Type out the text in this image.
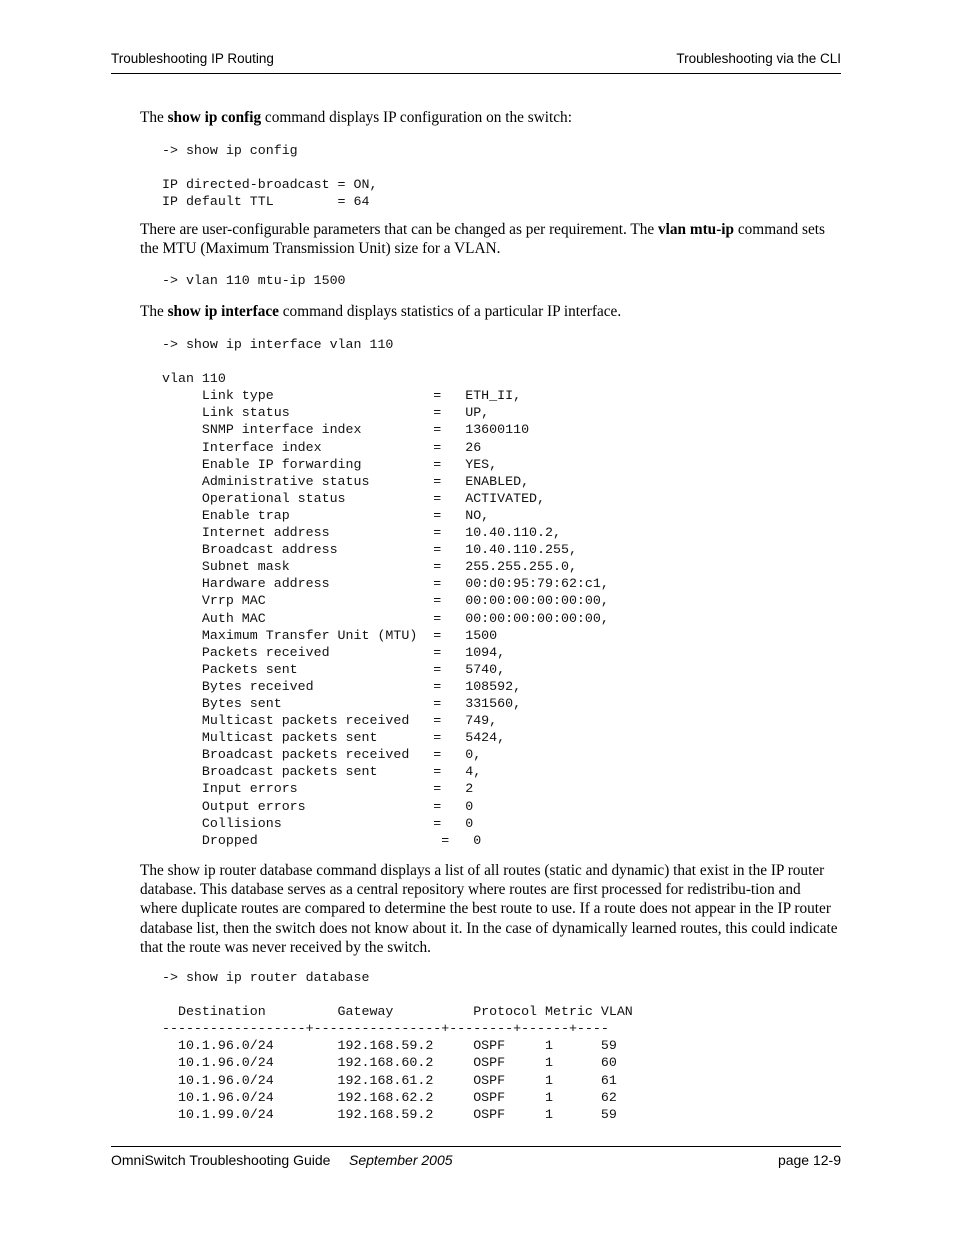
Troubleshooting IP Routing	Troubleshooting via the CLI
The show ip config command displays IP configuration on the switch:
-> show ip config

IP directed-broadcast = ON,
IP default TTL        = 64
There are user-configurable parameters that can be changed as per requirement. The vlan mtu-ip command sets the MTU (Maximum Transmission Unit) size for a VLAN.
-> vlan 110 mtu-ip 1500
The show ip interface command displays statistics of a particular IP interface.
-> show ip interface vlan 110

vlan 110
Link type                    =   ETH_II,
Link status                  =   UP,
SNMP interface index         =   13600110
Interface index              =   26
Enable IP forwarding         =   YES,
Administrative status        =   ENABLED,
Operational status           =   ACTIVATED,
Enable trap                  =   NO,
Internet address             =   10.40.110.2,
Broadcast address            =   10.40.110.255,
Subnet mask                  =   255.255.255.0,
Hardware address             =   00:d0:95:79:62:c1,
Vrrp MAC                     =   00:00:00:00:00:00,
Auth MAC                     =   00:00:00:00:00:00,
Maximum Transfer Unit (MTU)  =   1500
Packets received             =   1094,
Packets sent                 =   5740,
Bytes received               =   108592,
Bytes sent                   =   331560,
Multicast packets received   =   749,
Multicast packets sent       =   5424,
Broadcast packets received   =   0,
Broadcast packets sent       =   4,
Input errors                 =   2
Output errors                =   0
Collisions                   =   0
Dropped                       =   0
The show ip router database command displays a list of all routes (static and dynamic) that exist in the IP router database. This database serves as a central repository where routes are first processed for redistribu-tion and where duplicate routes are compared to determine the best route to use. If a route does not appear in the IP router database list, then the switch does not know about it. In the case of dynamically learned routes, this could indicate that the route was never received by the switch.
-> show ip router database

Destination         Gateway          Protocol Metric VLAN
------------------+----------------+--------+------+----
10.1.96.0/24        192.168.59.2     OSPF     1      59
10.1.96.0/24        192.168.60.2     OSPF     1      60
10.1.96.0/24        192.168.61.2     OSPF     1      61
10.1.96.0/24        192.168.62.2     OSPF     1      62
10.1.99.0/24        192.168.59.2     OSPF     1      59
OmniSwitch Troubleshooting Guide September 2005	page 12-9
